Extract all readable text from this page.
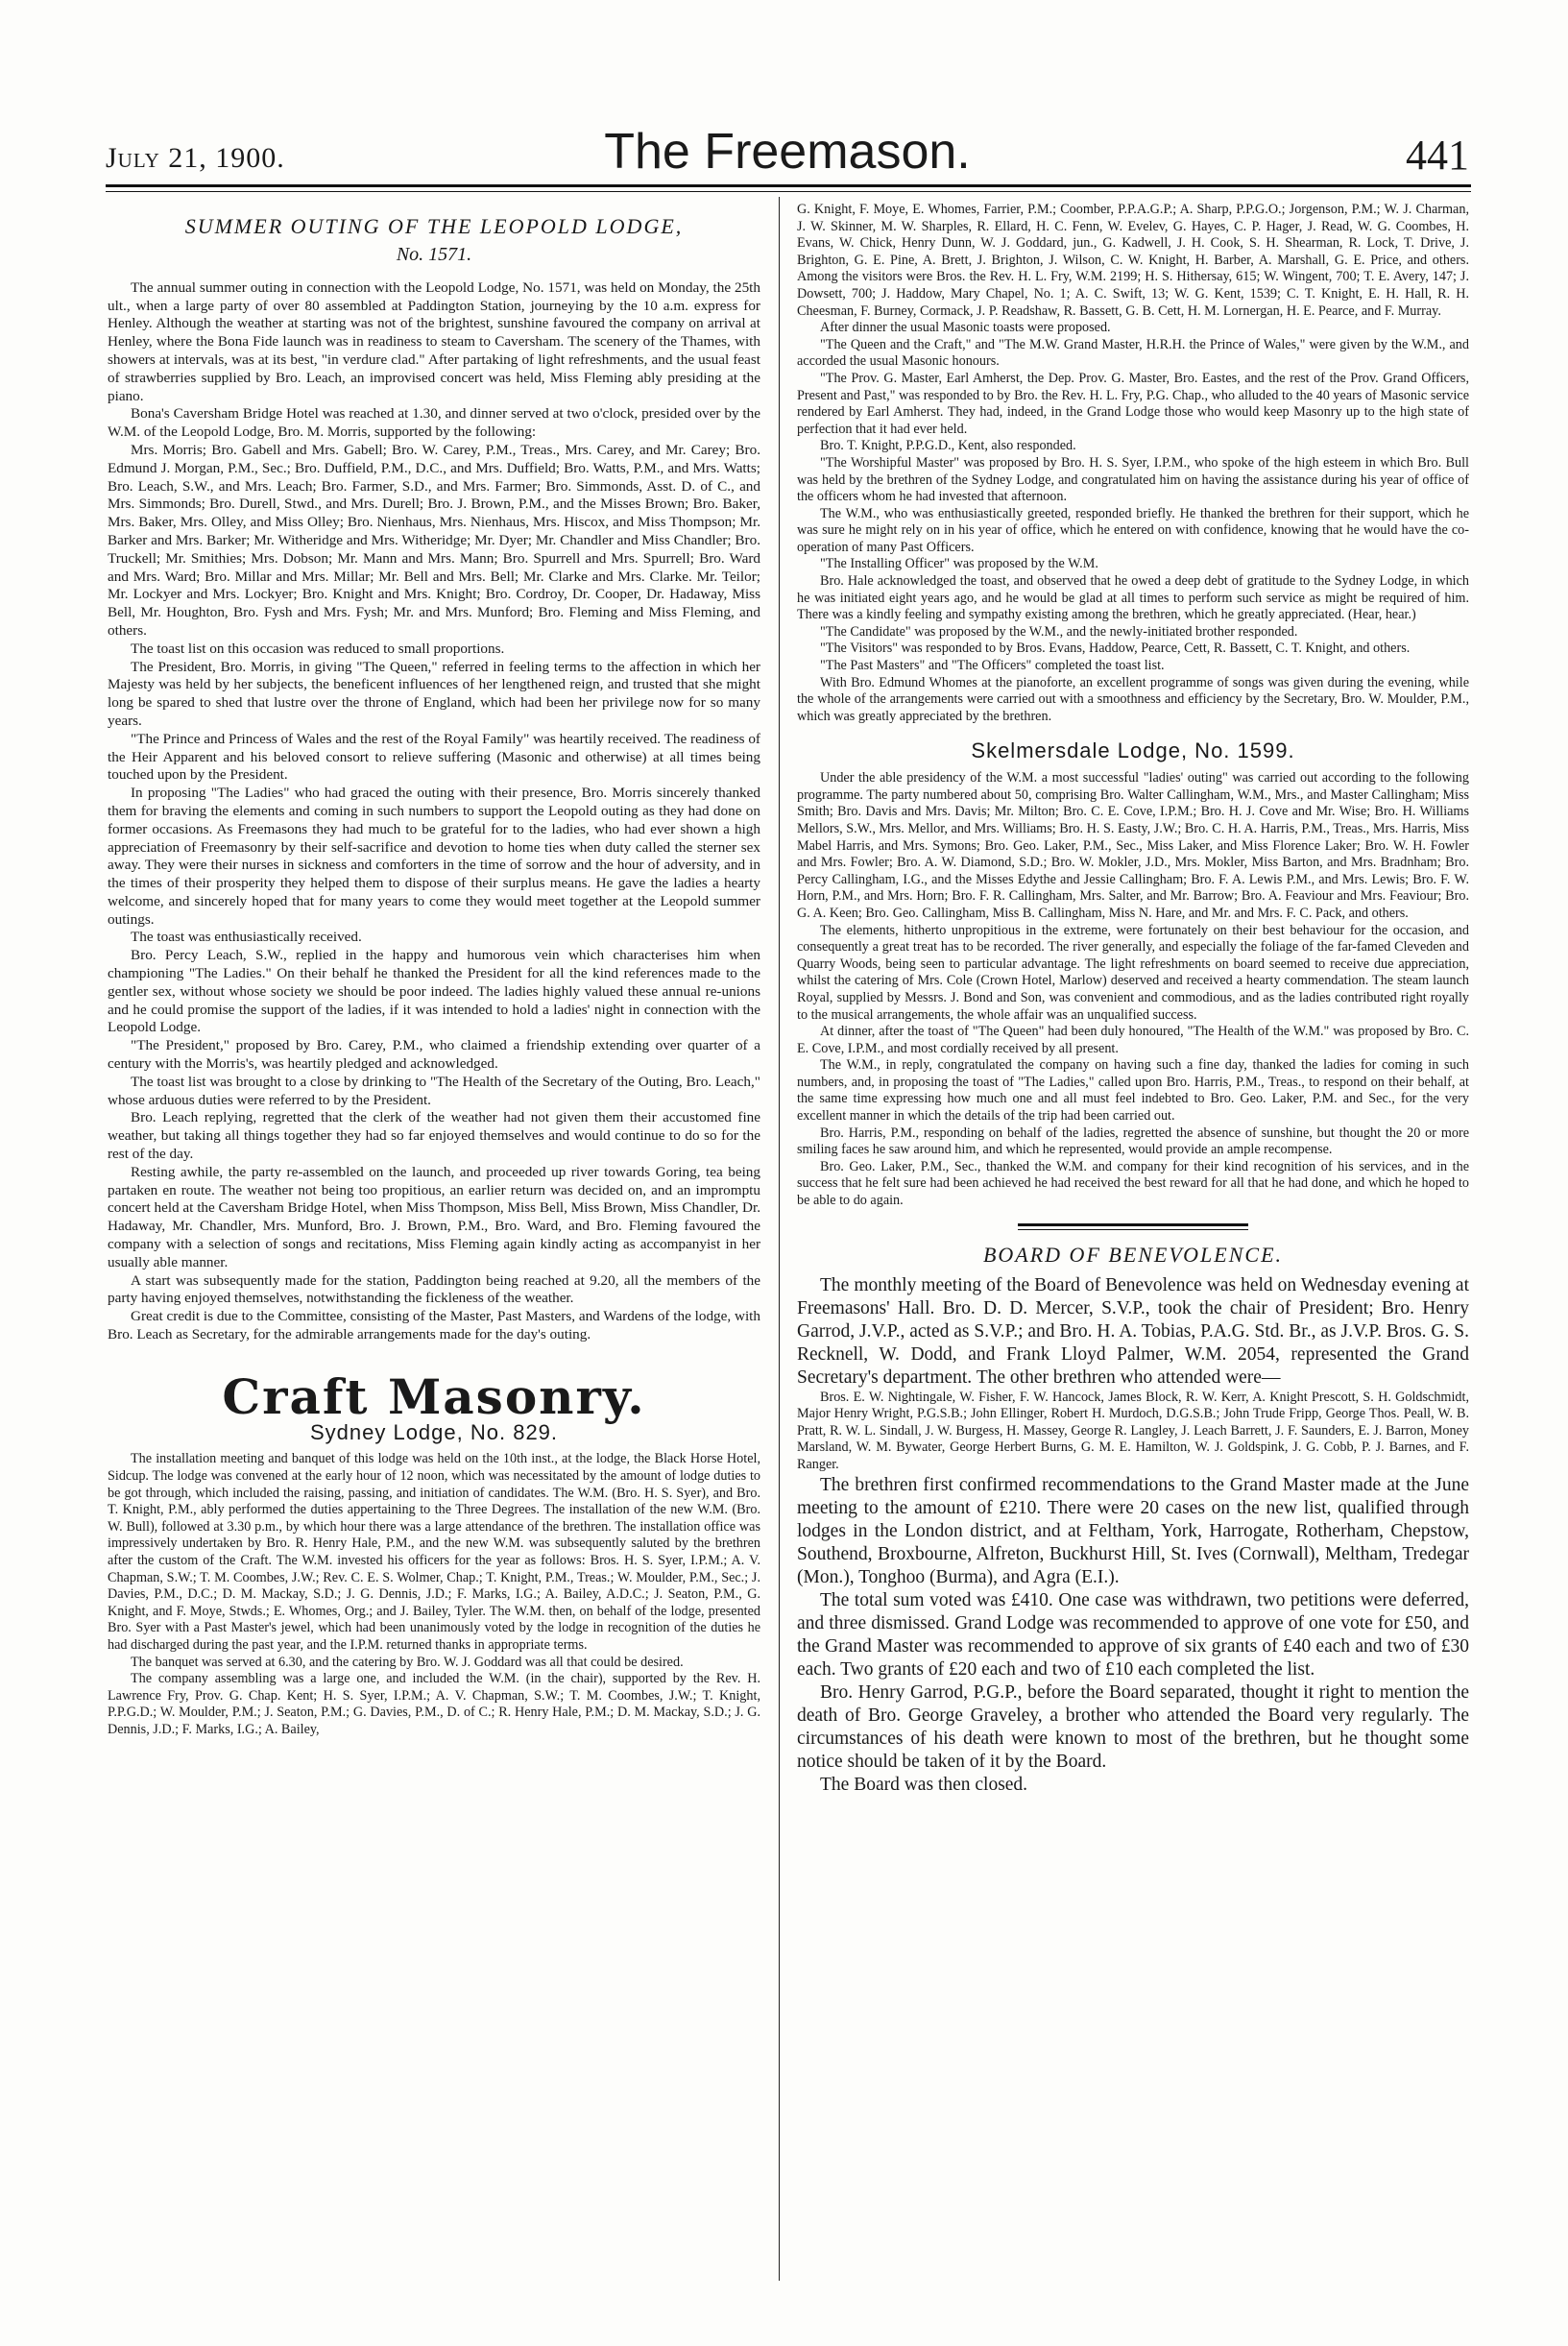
July 21, 1900.	The Freemason.	441
SUMMER OUTING OF THE LEOPOLD LODGE,
No. 1571.

The annual summer outing in connection with the Leopold Lodge, No. 1571, was held on Monday, the 25th ult., when a large party of over 80 assembled at Paddington Station, journeying by the 10 a.m. express for Henley. Although the weather at starting was not of the brightest, sunshine favoured the company on arrival at Henley, where the Bona Fide launch was in readiness to steam to Caversham. The scenery of the Thames, with showers at intervals, was at its best, "in verdure clad." After partaking of light refreshments, and the usual feast of strawberries supplied by Bro. Leach, an improvised concert was held, Miss Fleming ably presiding at the piano.

Bona's Caversham Bridge Hotel was reached at 1.30, and dinner served at two o'clock, presided over by the W.M. of the Leopold Lodge, Bro. M. Morris, supported by the following:

Mrs. Morris; Bro. Gabell and Mrs. Gabell; Bro. W. Carey, P.M., Treas., Mrs. Carey, and Mr. Carey; Bro. Edmund J. Morgan, P.M., Sec.; Bro. Duffield, P.M., D.C., and Mrs. Duffield; Bro. Watts, P.M., and Mrs. Watts; Bro. Leach, S.W., and Mrs. Leach; Bro. Farmer, S.D., and Mrs. Farmer; Bro. Simmonds, Asst. D. of C., and Mrs. Simmonds; Bro. Durell, Stwd., and Mrs. Durell; Bro. J. Brown, P.M., and the Misses Brown; Bro. Baker, Mrs. Baker, Mrs. Olley, and Miss Olley; Bro. Nienhaus, Mrs. Nienhaus, Mrs. Hiscox, and Miss Thompson; Mr. Barker and Mrs. Barker; Mr. Witheridge and Mrs. Witheridge; Mr. Dyer; Mr. Chandler and Miss Chandler; Bro. Truckell; Mr. Smithies; Mrs. Dobson; Mr. Mann and Mrs. Mann; Bro. Spurrell and Mrs. Spurrell; Bro. Ward and Mrs. Ward; Bro. Millar and Mrs. Millar; Mr. Bell and Mrs. Bell; Mr. Clarke and Mrs. Clarke. Mr. Teilor; Mr. Lockyer and Mrs. Lockyer; Bro. Knight and Mrs. Knight; Bro. Cordroy, Dr. Cooper, Dr. Hadaway, Miss Bell, Mr. Houghton, Bro. Fysh and Mrs. Fysh; Mr. and Mrs. Munford; Bro. Fleming and Miss Fleming, and others.

The toast list on this occasion was reduced to small proportions.

The President, Bro. Morris, in giving "The Queen," referred in feeling terms to the affection in which her Majesty was held by her subjects, the beneficent influences of her lengthened reign, and trusted that she might long be spared to shed that lustre over the throne of England, which had been her privilege now for so many years.

"The Prince and Princess of Wales and the rest of the Royal Family" was heartily received. The readiness of the Heir Apparent and his beloved consort to relieve suffering (Masonic and otherwise) at all times being touched upon by the President.

In proposing "The Ladies" who had graced the outing with their presence, Bro. Morris sincerely thanked them for braving the elements and coming in such numbers to support the Leopold outing as they had done on former occasions. As Freemasons they had much to be grateful for to the ladies, who had ever shown a high appreciation of Freemasonry by their self-sacrifice and devotion to home ties when duty called the sterner sex away. They were their nurses in sickness and comforters in the time of sorrow and the hour of adversity, and in the times of their prosperity they helped them to dispose of their surplus means. He gave the ladies a hearty welcome, and sincerely hoped that for many years to come they would meet together at the Leopold summer outings.

The toast was enthusiastically received.

Bro. Percy Leach, S.W., replied in the happy and humorous vein which characterises him when championing "The Ladies." On their behalf he thanked the President for all the kind references made to the gentler sex, without whose society we should be poor indeed. The ladies highly valued these annual re-unions and he could promise the support of the ladies, if it was intended to hold a ladies' night in connection with the Leopold Lodge.

"The President," proposed by Bro. Carey, P.M., who claimed a friendship extending over quarter of a century with the Morris's, was heartily pledged and acknowledged.

The toast list was brought to a close by drinking to "The Health of the Secretary of the Outing, Bro. Leach," whose arduous duties were referred to by the President.

Bro. Leach replying, regretted that the clerk of the weather had not given them their accustomed fine weather, but taking all things together they had so far enjoyed themselves and would continue to do so for the rest of the day.

Resting awhile, the party re-assembled on the launch, and proceeded up river towards Goring, tea being partaken en route. The weather not being too propitious, an earlier return was decided on, and an impromptu concert held at the Caversham Bridge Hotel, when Miss Thompson, Miss Bell, Miss Brown, Miss Chandler, Dr. Hadaway, Mr. Chandler, Mrs. Munford, Bro. J. Brown, P.M., Bro. Ward, and Bro. Fleming favoured the company with a selection of songs and recitations, Miss Fleming again kindly acting as accompanyist in her usually able manner.

A start was subsequently made for the station, Paddington being reached at 9.20, all the members of the party having enjoyed themselves, notwithstanding the fickleness of the weather.

Great credit is due to the Committee, consisting of the Master, Past Masters, and Wardens of the lodge, with Bro. Leach as Secretary, for the admirable arrangements made for the day's outing.

Craft Masonry.
Sydney Lodge, No. 829.

The installation meeting and banquet of this lodge was held on the 10th inst., at the lodge, the Black Horse Hotel, Sidcup. The lodge was convened at the early hour of 12 noon, which was necessitated by the amount of lodge duties to be got through, which included the raising, passing, and initiation of candidates. The W.M. (Bro. H. S. Syer), and Bro. T. Knight, P.M., ably performed the duties appertaining to the Three Degrees. The installation of the new W.M. (Bro. W. Bull), followed at 3.30 p.m., by which hour there was a large attendance of the brethren. The installation office was impressively undertaken by Bro. R. Henry Hale, P.M., and the new W.M. was subsequently saluted by the brethren after the custom of the Craft. The W.M. invested his officers for the year as follows: Bros. H. S. Syer, I.P.M.; A. V. Chapman, S.W.; T. M. Coombes, J.W.; Rev. C. E. S. Wolmer, Chap.; T. Knight, P.M., Treas.; W. Moulder, P.M., Sec.; J. Davies, P.M., D.C.; D. M. Mackay, S.D.; J. G. Dennis, J.D.; F. Marks, I.G.; A. Bailey, A.D.C.; J. Seaton, P.M., G. Knight, and F. Moye, Stwds.; E. Whomes, Org.; and J. Bailey, Tyler. The W.M. then, on behalf of the lodge, presented Bro. Syer with a Past Master's jewel, which had been unanimously voted by the lodge in recognition of the duties he had discharged during the past year, and the I.P.M. returned thanks in appropriate terms.

The banquet was served at 6.30, and the catering by Bro. W. J. Goddard was all that could be desired.

The company assembling was a large one, and included the W.M. (in the chair), supported by the Rev. H. Lawrence Fry, Prov. G. Chap. Kent; H. S. Syer, I.P.M.; A. V. Chapman, S.W.; T. M. Coombes, J.W.; T. Knight, P.P.G.D.; W. Moulder, P.M.; J. Seaton, P.M.; G. Davies, P.M., D. of C.; R. Henry Hale, P.M.; D. M. Mackay, S.D.; J. G. Dennis, J.D.; F. Marks, I.G.; A. Bailey,

G. Knight, F. Moye, E. Whomes, Farrier, P.M.; Coomber, P.P.A.G.P.; A. Sharp, P.P.G.O.; Jorgenson, P.M.; W. J. Charman, J. W. Skinner, M. W. Sharples, R. Ellard, H. C. Fenn, W. Evelev, G. Hayes, C. P. Hager, J. Read, W. G. Coombes, H. Evans, W. Chick, Henry Dunn, W. J. Goddard, jun., G. Kadwell, J. H. Cook, S. H. Shearman, R. Lock, T. Drive, J. Brighton, G. E. Pine, A. Brett, J. Brighton, J. Wilson, C. W. Knight, H. Barber, A. Marshall, G. E. Price, and others. Among the visitors were Bros. the Rev. H. L. Fry, W.M. 2199; H. S. Hithersay, 615; W. Wingent, 700; T. E. Avery, 147; J. Dowsett, 700; J. Haddow, Mary Chapel, No. 1; A. C. Swift, 13; W. G. Kent, 1539; C. T. Knight, E. H. Hall, R. H. Cheesman, F. Burney, Cormack, J. P. Readshaw, R. Bassett, G. B. Cett, H. M. Lornergan, H. E. Pearce, and F. Murray.

After dinner the usual Masonic toasts were proposed.

"The Queen and the Craft," and "The M.W. Grand Master, H.R.H. the Prince of Wales," were given by the W.M., and accorded the usual Masonic honours.

"The Prov. G. Master, Earl Amherst, the Dep. Prov. G. Master, Bro. Eastes, and the rest of the Prov. Grand Officers, Present and Past," was responded to by Bro. the Rev. H. L. Fry, P.G. Chap., who alluded to the 40 years of Masonic service rendered by Earl Amherst. They had, indeed, in the Grand Lodge those who would keep Masonry up to the high state of perfection that it had ever held.

Bro. T. Knight, P.P.G.D., Kent, also responded.

"The Worshipful Master" was proposed by Bro. H. S. Syer, I.P.M., who spoke of the high esteem in which Bro. Bull was held by the brethren of the Sydney Lodge, and congratulated him on having the assistance during his year of office of the officers whom he had invested that afternoon.

The W.M., who was enthusiastically greeted, responded briefly. He thanked the brethren for their support, which he was sure he might rely on in his year of office, which he entered on with confidence, knowing that he would have the co-operation of many Past Officers.

"The Installing Officer" was proposed by the W.M.

Bro. Hale acknowledged the toast, and observed that he owed a deep debt of gratitude to the Sydney Lodge, in which he was initiated eight years ago, and he would be glad at all times to perform such service as might be required of him. There was a kindly feeling and sympathy existing among the brethren, which he greatly appreciated. (Hear, hear.)

"The Candidate" was proposed by the W.M., and the newly-initiated brother responded.

"The Visitors" was responded to by Bros. Evans, Haddow, Pearce, Cett, R. Bassett, C. T. Knight, and others.

"The Past Masters" and "The Officers" completed the toast list.

With Bro. Edmund Whomes at the pianoforte, an excellent programme of songs was given during the evening, while the whole of the arrangements were carried out with a smoothness and efficiency by the Secretary, Bro. W. Moulder, P.M., which was greatly appreciated by the brethren.

Skelmersdale Lodge, No. 1599.

Under the able presidency of the W.M. a most successful "ladies' outing" was carried out according to the following programme. The party numbered about 50, comprising Bro. Walter Callingham, W.M., Mrs., and Master Callingham; Miss Smith; Bro. Davis and Mrs. Davis; Mr. Milton; Bro. C. E. Cove, I.P.M.; Bro. H. J. Cove and Mr. Wise; Bro. H. Williams Mellors, S.W., Mrs. Mellor, and Mrs. Williams; Bro. H. S. Easty, J.W.; Bro. C. H. A. Harris, P.M., Treas., Mrs. Harris, Miss Mabel Harris, and Mrs. Symons; Bro. Geo. Laker, P.M., Sec., Miss Laker, and Miss Florence Laker; Bro. W. H. Fowler and Mrs. Fowler; Bro. A. W. Diamond, S.D.; Bro. W. Mokler, J.D., Mrs. Mokler, Miss Barton, and Mrs. Bradnham; Bro. Percy Callingham, I.G., and the Misses Edythe and Jessie Callingham; Bro. F. A. Lewis P.M., and Mrs. Lewis; Bro. F. W. Horn, P.M., and Mrs. Horn; Bro. F. R. Callingham, Mrs. Salter, and Mr. Barrow; Bro. A. Feaviour and Mrs. Feaviour; Bro. G. A. Keen; Bro. Geo. Callingham, Miss B. Callingham, Miss N. Hare, and Mr. and Mrs. F. C. Pack, and others.

The elements, hitherto unpropitious in the extreme, were fortunately on their best behaviour for the occasion, and consequently a great treat has to be recorded. The river generally, and especially the foliage of the far-famed Cleveden and Quarry Woods, being seen to particular advantage. The light refreshments on board seemed to receive due appreciation, whilst the catering of Mrs. Cole (Crown Hotel, Marlow) deserved and received a hearty commendation. The steam launch Royal, supplied by Messrs. J. Bond and Son, was convenient and commodious, and as the ladies contributed right royally to the musical arrangements, the whole affair was an unqualified success.

At dinner, after the toast of "The Queen" had been duly honoured, "The Health of the W.M." was proposed by Bro. C. E. Cove, I.P.M., and most cordially received by all present.

The W.M., in reply, congratulated the company on having such a fine day, thanked the ladies for coming in such numbers, and, in proposing the toast of "The Ladies," called upon Bro. Harris, P.M., Treas., to respond on their behalf, at the same time expressing how much one and all must feel indebted to Bro. Geo. Laker, P.M. and Sec., for the very excellent manner in which the details of the trip had been carried out.

Bro. Harris, P.M., responding on behalf of the ladies, regretted the absence of sunshine, but thought the 20 or more smiling faces he saw around him, and which he represented, would provide an ample recompense.

Bro. Geo. Laker, P.M., Sec., thanked the W.M. and company for their kind recognition of his services, and in the success that he felt sure had been achieved he had received the best reward for all that he had done, and which he hoped to be able to do again.

BOARD OF BENEVOLENCE.

The monthly meeting of the Board of Benevolence was held on Wednesday evening at Freemasons' Hall. Bro. D. D. Mercer, S.V.P., took the chair of President; Bro. Henry Garrod, J.V.P., acted as S.V.P.; and Bro. H. A. Tobias, P.A.G. Std. Br., as J.V.P. Bros. G. S. Recknell, W. Dodd, and Frank Lloyd Palmer, W.M. 2054, represented the Grand Secretary's department. The other brethren who attended were—

Bros. E. W. Nightingale, W. Fisher, F. W. Hancock, James Block, R. W. Kerr, A. Knight Prescott, S. H. Goldschmidt, Major Henry Wright, P.G.S.B.; John Ellinger, Robert H. Murdoch, D.G.S.B.; John Trude Fripp, George Thos. Peall, W. B. Pratt, R. W. L. Sindall, J. W. Burgess, H. Massey, George R. Langley, J. Leach Barrett, J. F. Saunders, E. J. Barron, Money Marsland, W. M. Bywater, George Herbert Burns, G. M. E. Hamilton, W. J. Goldspink, J. G. Cobb, P. J. Barnes, and F. Ranger.

The brethren first confirmed recommendations to the Grand Master made at the June meeting to the amount of £210. There were 20 cases on the new list, qualified through lodges in the London district, and at Feltham, York, Harrogate, Rotherham, Chepstow, Southend, Broxbourne, Alfreton, Buckhurst Hill, St. Ives (Cornwall), Meltham, Tredegar (Mon.), Tonghoo (Burma), and Agra (E.I.).

The total sum voted was £410. One case was withdrawn, two petitions were deferred, and three dismissed. Grand Lodge was recommended to approve of one vote for £50, and the Grand Master was recommended to approve of six grants of £40 each and two of £30 each. Two grants of £20 each and two of £10 each completed the list.

Bro. Henry Garrod, P.G.P., before the Board separated, thought it right to mention the death of Bro. George Graveley, a brother who attended the Board very regularly. The circumstances of his death were known to most of the brethren, but he thought some notice should be taken of it by the Board.

The Board was then closed.
